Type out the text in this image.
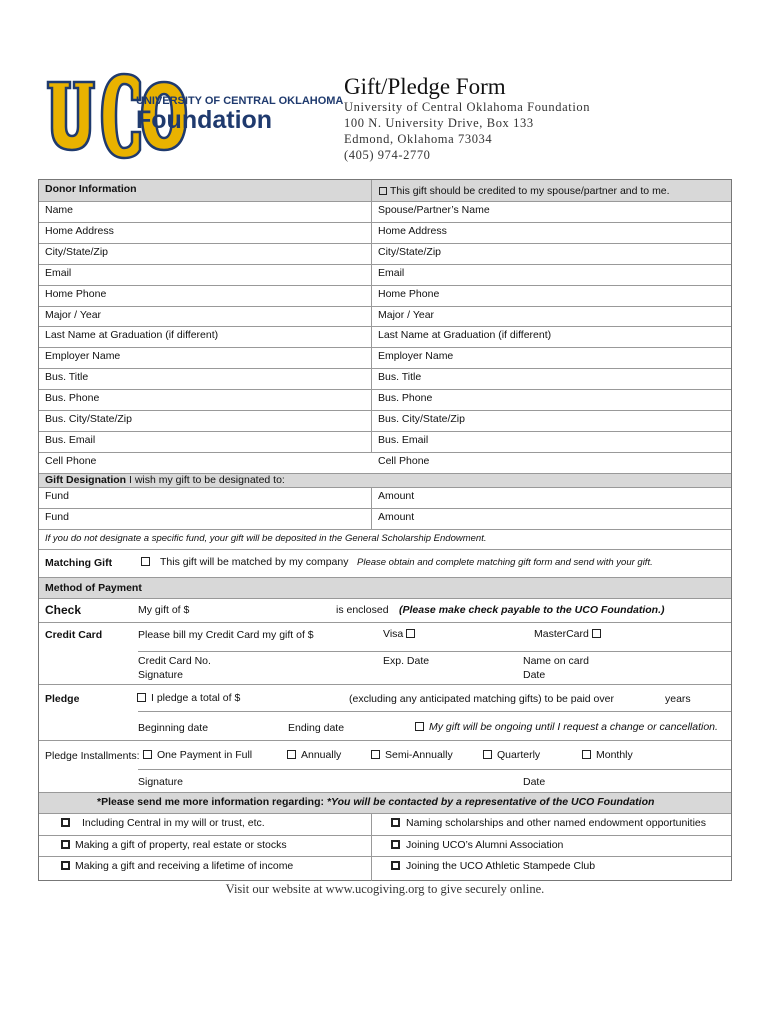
UNIVERSITY OF CENTRAL OKLAHOMA
Foundation
Gift/Pledge Form
University of Central Oklahoma Foundation
100 N. University Drive, Box 133
Edmond, Oklahoma 73034
(405) 974-2770
Donor Information	This gift should be credited to my spouse/partner and to me.
Gift Designation I wish my gift to be designated to:
Fund	Amount
Fund	Amount
If you do not designate a specific fund, your gift will be deposited in the General Scholarship Endowment.
Matching Gift	This gift will be matched by my company Please obtain and complete matching gift form and send with your gift.
Method of Payment
Check	My gift of $	is enclosed (Please make check payable to the UCO Foundation.)
Credit Card	Please bill my Credit Card my gift of $	Visa	MasterCard
Credit Card No.	Exp. Date	Name on card
Signature	Date
Pledge	I pledge a total of $	(excluding any anticipated matching gifts) to be paid over	years
Beginning date	Ending date	My gift will be ongoing until I request a change or cancellation.
Pledge Installments:
Signature	Date
*Please send me more information regarding: *You will be contacted by a representative of the UCO Foundation
Name	Spouse/Partner’s Name
Home Address	Home Address
City/State/Zip	City/State/Zip
Email	Email
Home Phone	Home Phone
Major / Year	Major / Year
Last Name at Graduation (if different)	Last Name at Graduation (if different)
Employer Name	Employer Name
Bus. Title	Bus. Title
Bus. Phone	Bus. Phone
Bus. City/State/Zip	Bus. City/State/Zip
Bus. Email	Bus. Email
Cell Phone	Cell Phone
One Payment in Full	Annually	Semi-Annually	Quarterly	Monthly
Including Central in my will or trust, etc.	Naming scholarships and other named endowment opportunities
Making a gift of property, real estate or stocks	Joining UCO’s Alumni Association
Making a gift and receiving a lifetime of income	Joining the UCO Athletic Stampede Club
Visit our website at www.ucogiving.org to give securely online.
